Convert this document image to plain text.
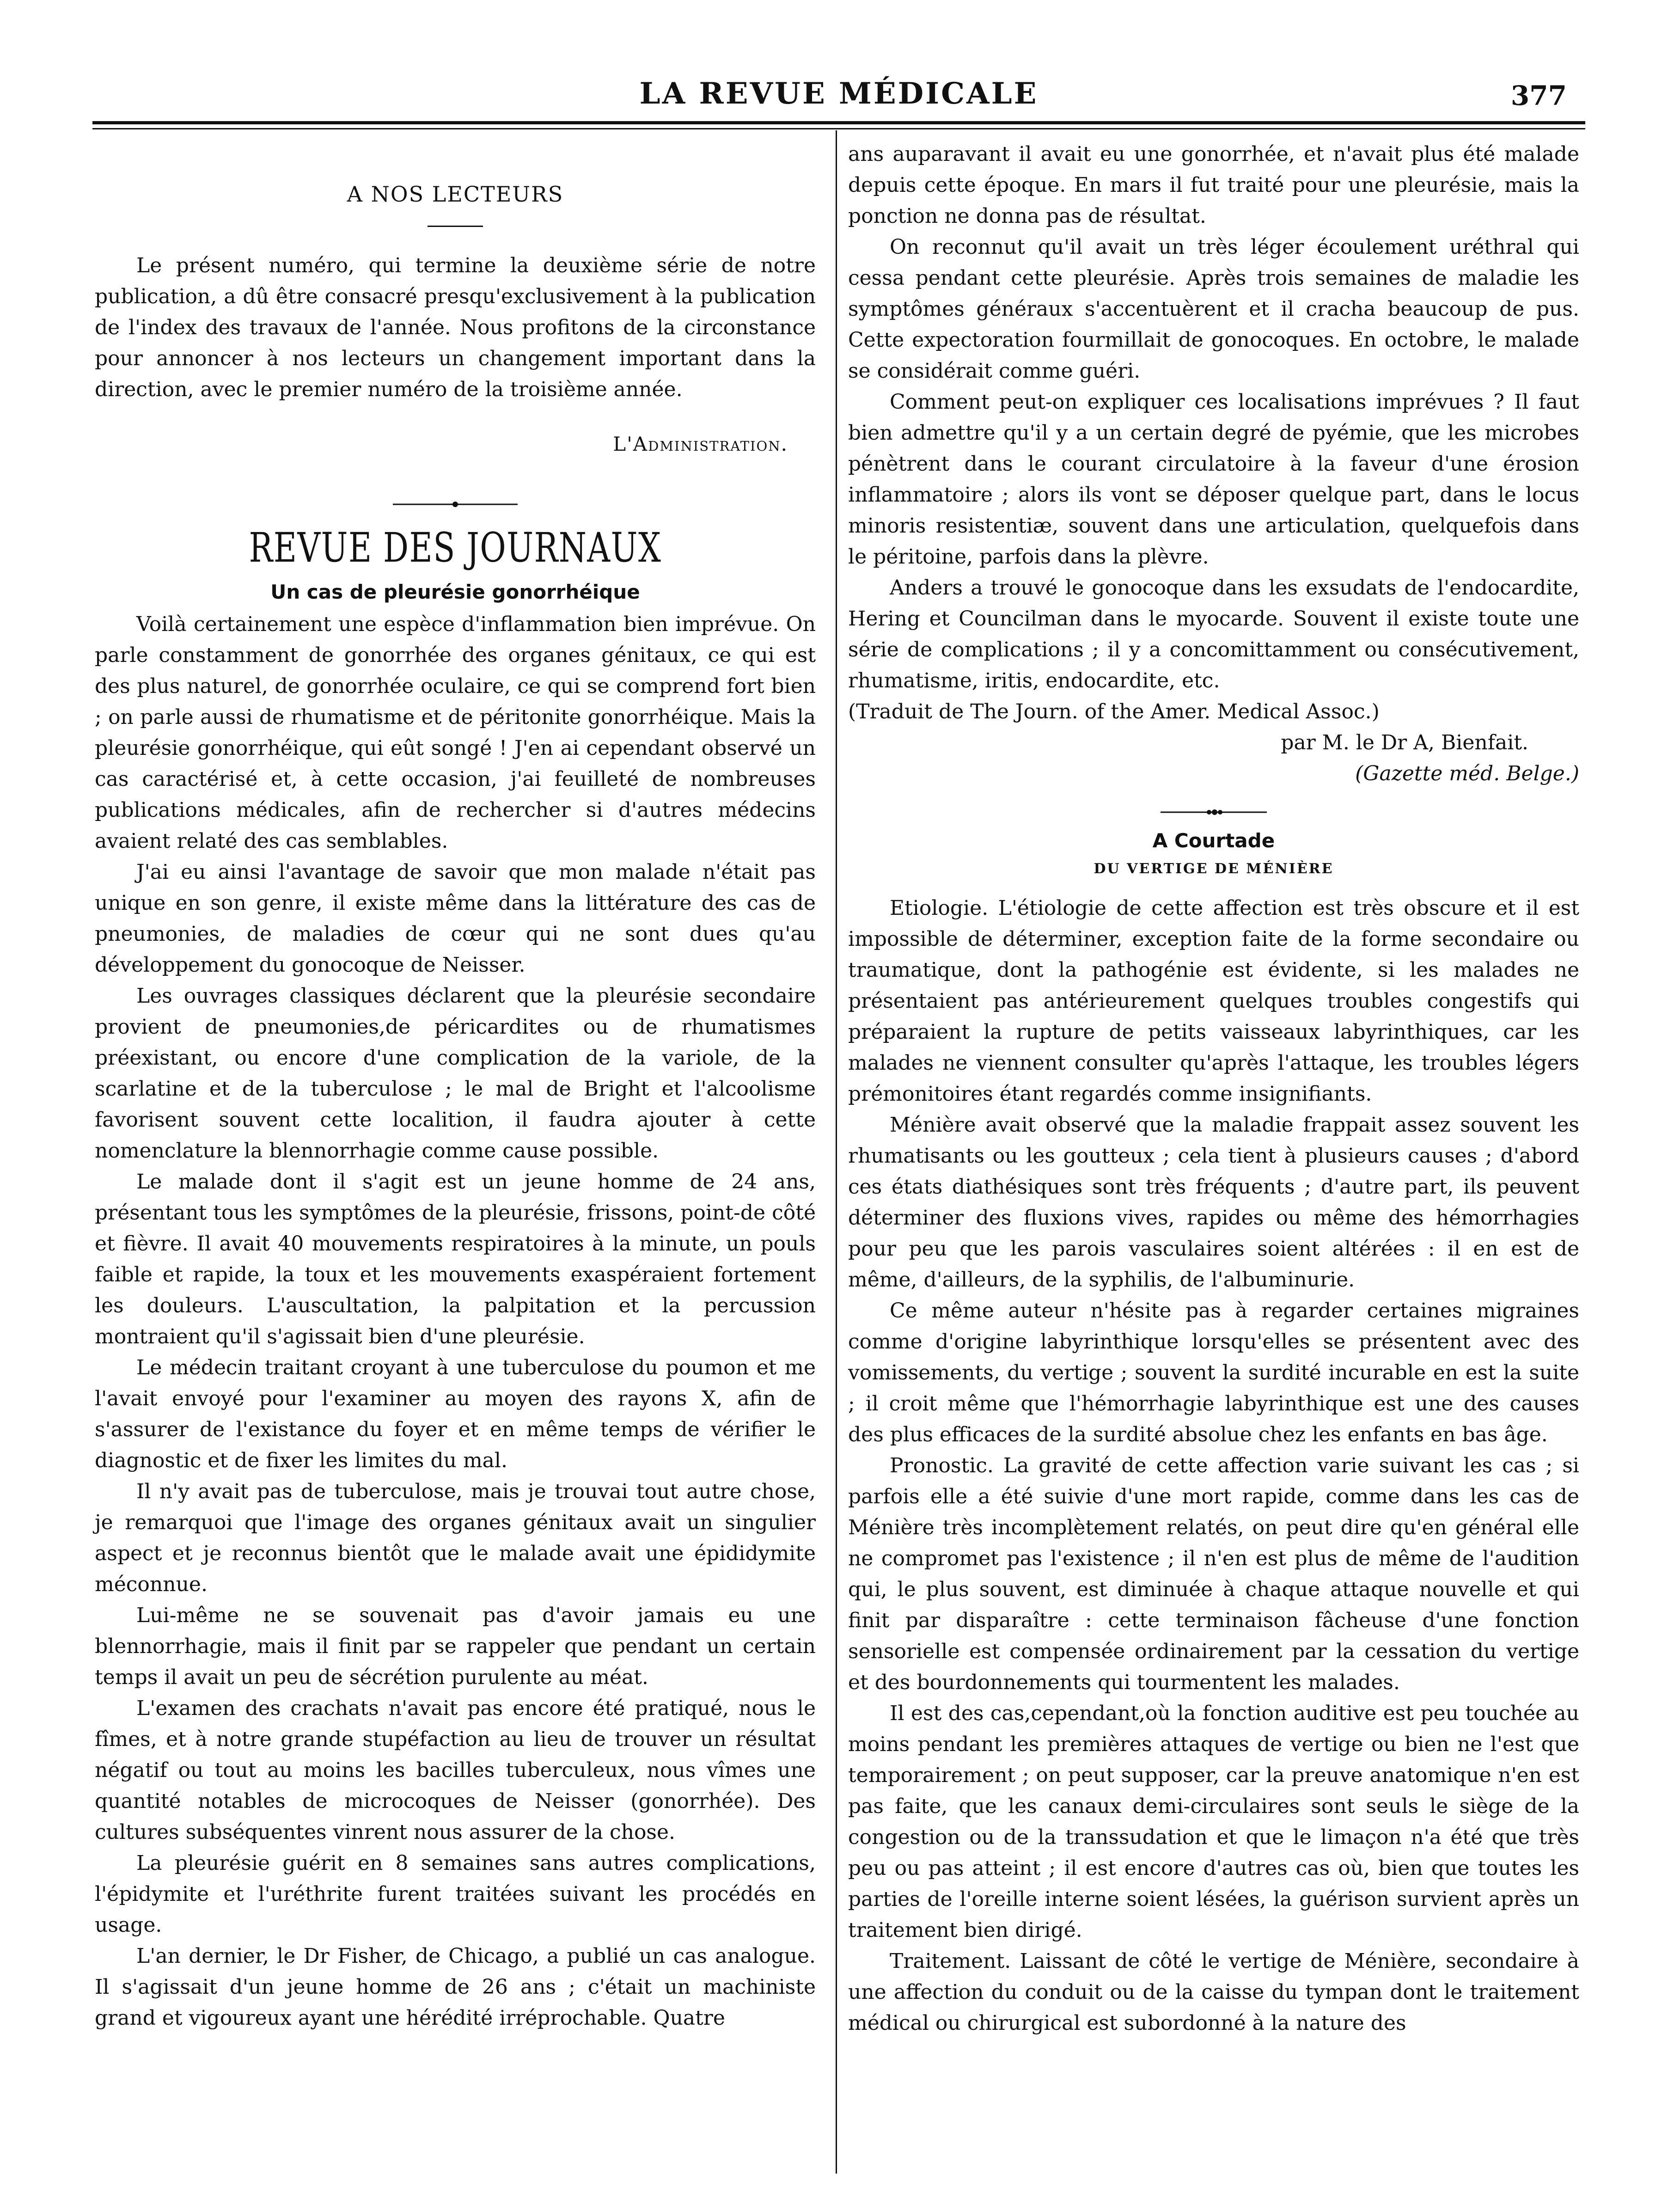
LA REVUE MÉDICALE	377
A NOS LECTEURS

Le présent numéro, qui termine la deuxième série de notre publication, a dû être consacré presqu'exclusivement à la publication de l'index des travaux de l'année. Nous profitons de la circonstance pour annoncer à nos lecteurs un changement important dans la direction, avec le premier numéro de la troisième année.

L'Administration.
REVUE DES JOURNAUX
Un cas de pleurésie gonorrhéique

Voilà certainement une espèce d'inflammation bien imprévue. On parle constamment de gonorrhée des organes génitaux, ce qui est des plus naturel, de gonorrhée oculaire, ce qui se comprend fort bien ; on parle aussi de rhumatisme et de péritonite gonorrhéique. Mais la pleurésie gonorrhéique, qui eût songé ! J'en ai cependant observé un cas caractérisé et, à cette occasion, j'ai feuilleté de nombreuses publications médicales, afin de rechercher si d'autres médecins avaient relaté des cas semblables.

J'ai eu ainsi l'avantage de savoir que mon malade n'était pas unique en son genre, il existe même dans la littérature des cas de pneumonies, de maladies de cœur qui ne sont dues qu'au développement du gonocoque de Neisser.

Les ouvrages classiques déclarent que la pleurésie secondaire provient de pneumonies,de péricardites ou de rhumatismes préexistant, ou encore d'une complication de la variole, de la scarlatine et de la tuberculose ; le mal de Bright et l'alcoolisme favorisent souvent cette localition, il faudra ajouter à cette nomenclature la blennorrhagie comme cause possible.

Le malade dont il s'agit est un jeune homme de 24 ans, présentant tous les symptômes de la pleurésie, frissons, point-de côté et fièvre. Il avait 40 mouvements respiratoires à la minute, un pouls faible et rapide, la toux et les mouvements exaspéraient fortement les douleurs. L'auscultation, la palpitation et la percussion montraient qu'il s'agissait bien d'une pleurésie.

Le médecin traitant croyant à une tuberculose du poumon et me l'avait envoyé pour l'examiner au moyen des rayons X, afin de s'assurer de l'existance du foyer et en même temps de vérifier le diagnostic et de fixer les limites du mal.

Il n'y avait pas de tuberculose, mais je trouvai tout autre chose, je remarquoi que l'image des organes génitaux avait un singulier aspect et je reconnus bientôt que le malade avait une épididymite méconnue.

Lui-même ne se souvenait pas d'avoir jamais eu une blennorrhagie, mais il finit par se rappeler que pendant un certain temps il avait un peu de sécrétion purulente au méat.

L'examen des crachats n'avait pas encore été pratiqué, nous le fîmes, et à notre grande stupéfaction au lieu de trouver un résultat négatif ou tout au moins les bacilles tuberculeux, nous vîmes une quantité notables de microcoques de Neisser (gonorrhée). Des cultures subséquentes vinrent nous assurer de la chose.

La pleurésie guérit en 8 semaines sans autres complications, l'épidymite et l'uréthrite furent traitées suivant les procédés en usage.

L'an dernier, le Dr Fisher, de Chicago, a publié un cas analogue. Il s'agissait d'un jeune homme de 26 ans ; c'était un machiniste grand et vigoureux ayant une hérédité irréprochable. Quatre

ans auparavant il avait eu une gonorrhée, et n'avait plus été malade depuis cette époque. En mars il fut traité pour une pleurésie, mais la ponction ne donna pas de résultat.

On reconnut qu'il avait un très léger écoulement uréthral qui cessa pendant cette pleurésie. Après trois semaines de maladie les symptômes généraux s'accentuèrent et il cracha beaucoup de pus. Cette expectoration fourmillait de gonocoques. En octobre, le malade se considérait comme guéri.

Comment peut-on expliquer ces localisations imprévues ? Il faut bien admettre qu'il y a un certain degré de pyémie, que les microbes pénètrent dans le courant circulatoire à la faveur d'une érosion inflammatoire ; alors ils vont se déposer quelque part, dans le locus minoris resistentiæ, souvent dans une articulation, quelquefois dans le péritoine, parfois dans la plèvre.

Anders a trouvé le gonocoque dans les exsudats de l'endocardite, Hering et Councilman dans le myocarde. Souvent il existe toute une série de complications ; il y a concomittamment ou consécutivement, rhumatisme, iritis, endocardite, etc.

(Traduit de The Journ. of the Amer. Medical Assoc.)

par M. le Dr A, Bienfait.

(Gazette méd. Belge.)

A Courtade
DU VERTIGE DE MÉNIÈRE

Etiologie. L'étiologie de cette affection est très obscure et il est impossible de déterminer, exception faite de la forme secondaire ou traumatique, dont la pathogénie est évidente, si les malades ne présentaient pas antérieurement quelques troubles congestifs qui préparaient la rupture de petits vaisseaux labyrinthiques, car les malades ne viennent consulter qu'après l'attaque, les troubles légers prémonitoires étant regardés comme insignifiants.

Ménière avait observé que la maladie frappait assez souvent les rhumatisants ou les goutteux ; cela tient à plusieurs causes ; d'abord ces états diathésiques sont très fréquents ; d'autre part, ils peuvent déterminer des fluxions vives, rapides ou même des hémorrhagies pour peu que les parois vasculaires soient altérées : il en est de même, d'ailleurs, de la syphilis, de l'albuminurie.

Ce même auteur n'hésite pas à regarder certaines migraines comme d'origine labyrinthique lorsqu'elles se présentent avec des vomissements, du vertige ; souvent la surdité incurable en est la suite ; il croit même que l'hémorrhagie labyrinthique est une des causes des plus efficaces de la surdité absolue chez les enfants en bas âge.

Pronostic. La gravité de cette affection varie suivant les cas ; si parfois elle a été suivie d'une mort rapide, comme dans les cas de Ménière très incomplètement relatés, on peut dire qu'en général elle ne compromet pas l'existence ; il n'en est plus de même de l'audition qui, le plus souvent, est diminuée à chaque attaque nouvelle et qui finit par disparaître : cette terminaison fâcheuse d'une fonction sensorielle est compensée ordinairement par la cessation du vertige et des bourdonnements qui tourmentent les malades.

Il est des cas,cependant,où la fonction auditive est peu touchée au moins pendant les premières attaques de vertige ou bien ne l'est que temporairement ; on peut supposer, car la preuve anatomique n'en est pas faite, que les canaux demi-circulaires sont seuls le siège de la congestion ou de la transsudation et que le limaçon n'a été que très peu ou pas atteint ; il est encore d'autres cas où, bien que toutes les parties de l'oreille interne soient lésées, la guérison survient après un traitement bien dirigé.

Traitement. Laissant de côté le vertige de Ménière, secondaire à une affection du conduit ou de la caisse du tympan dont le traitement médical ou chirurgical est subordonné à la nature des
